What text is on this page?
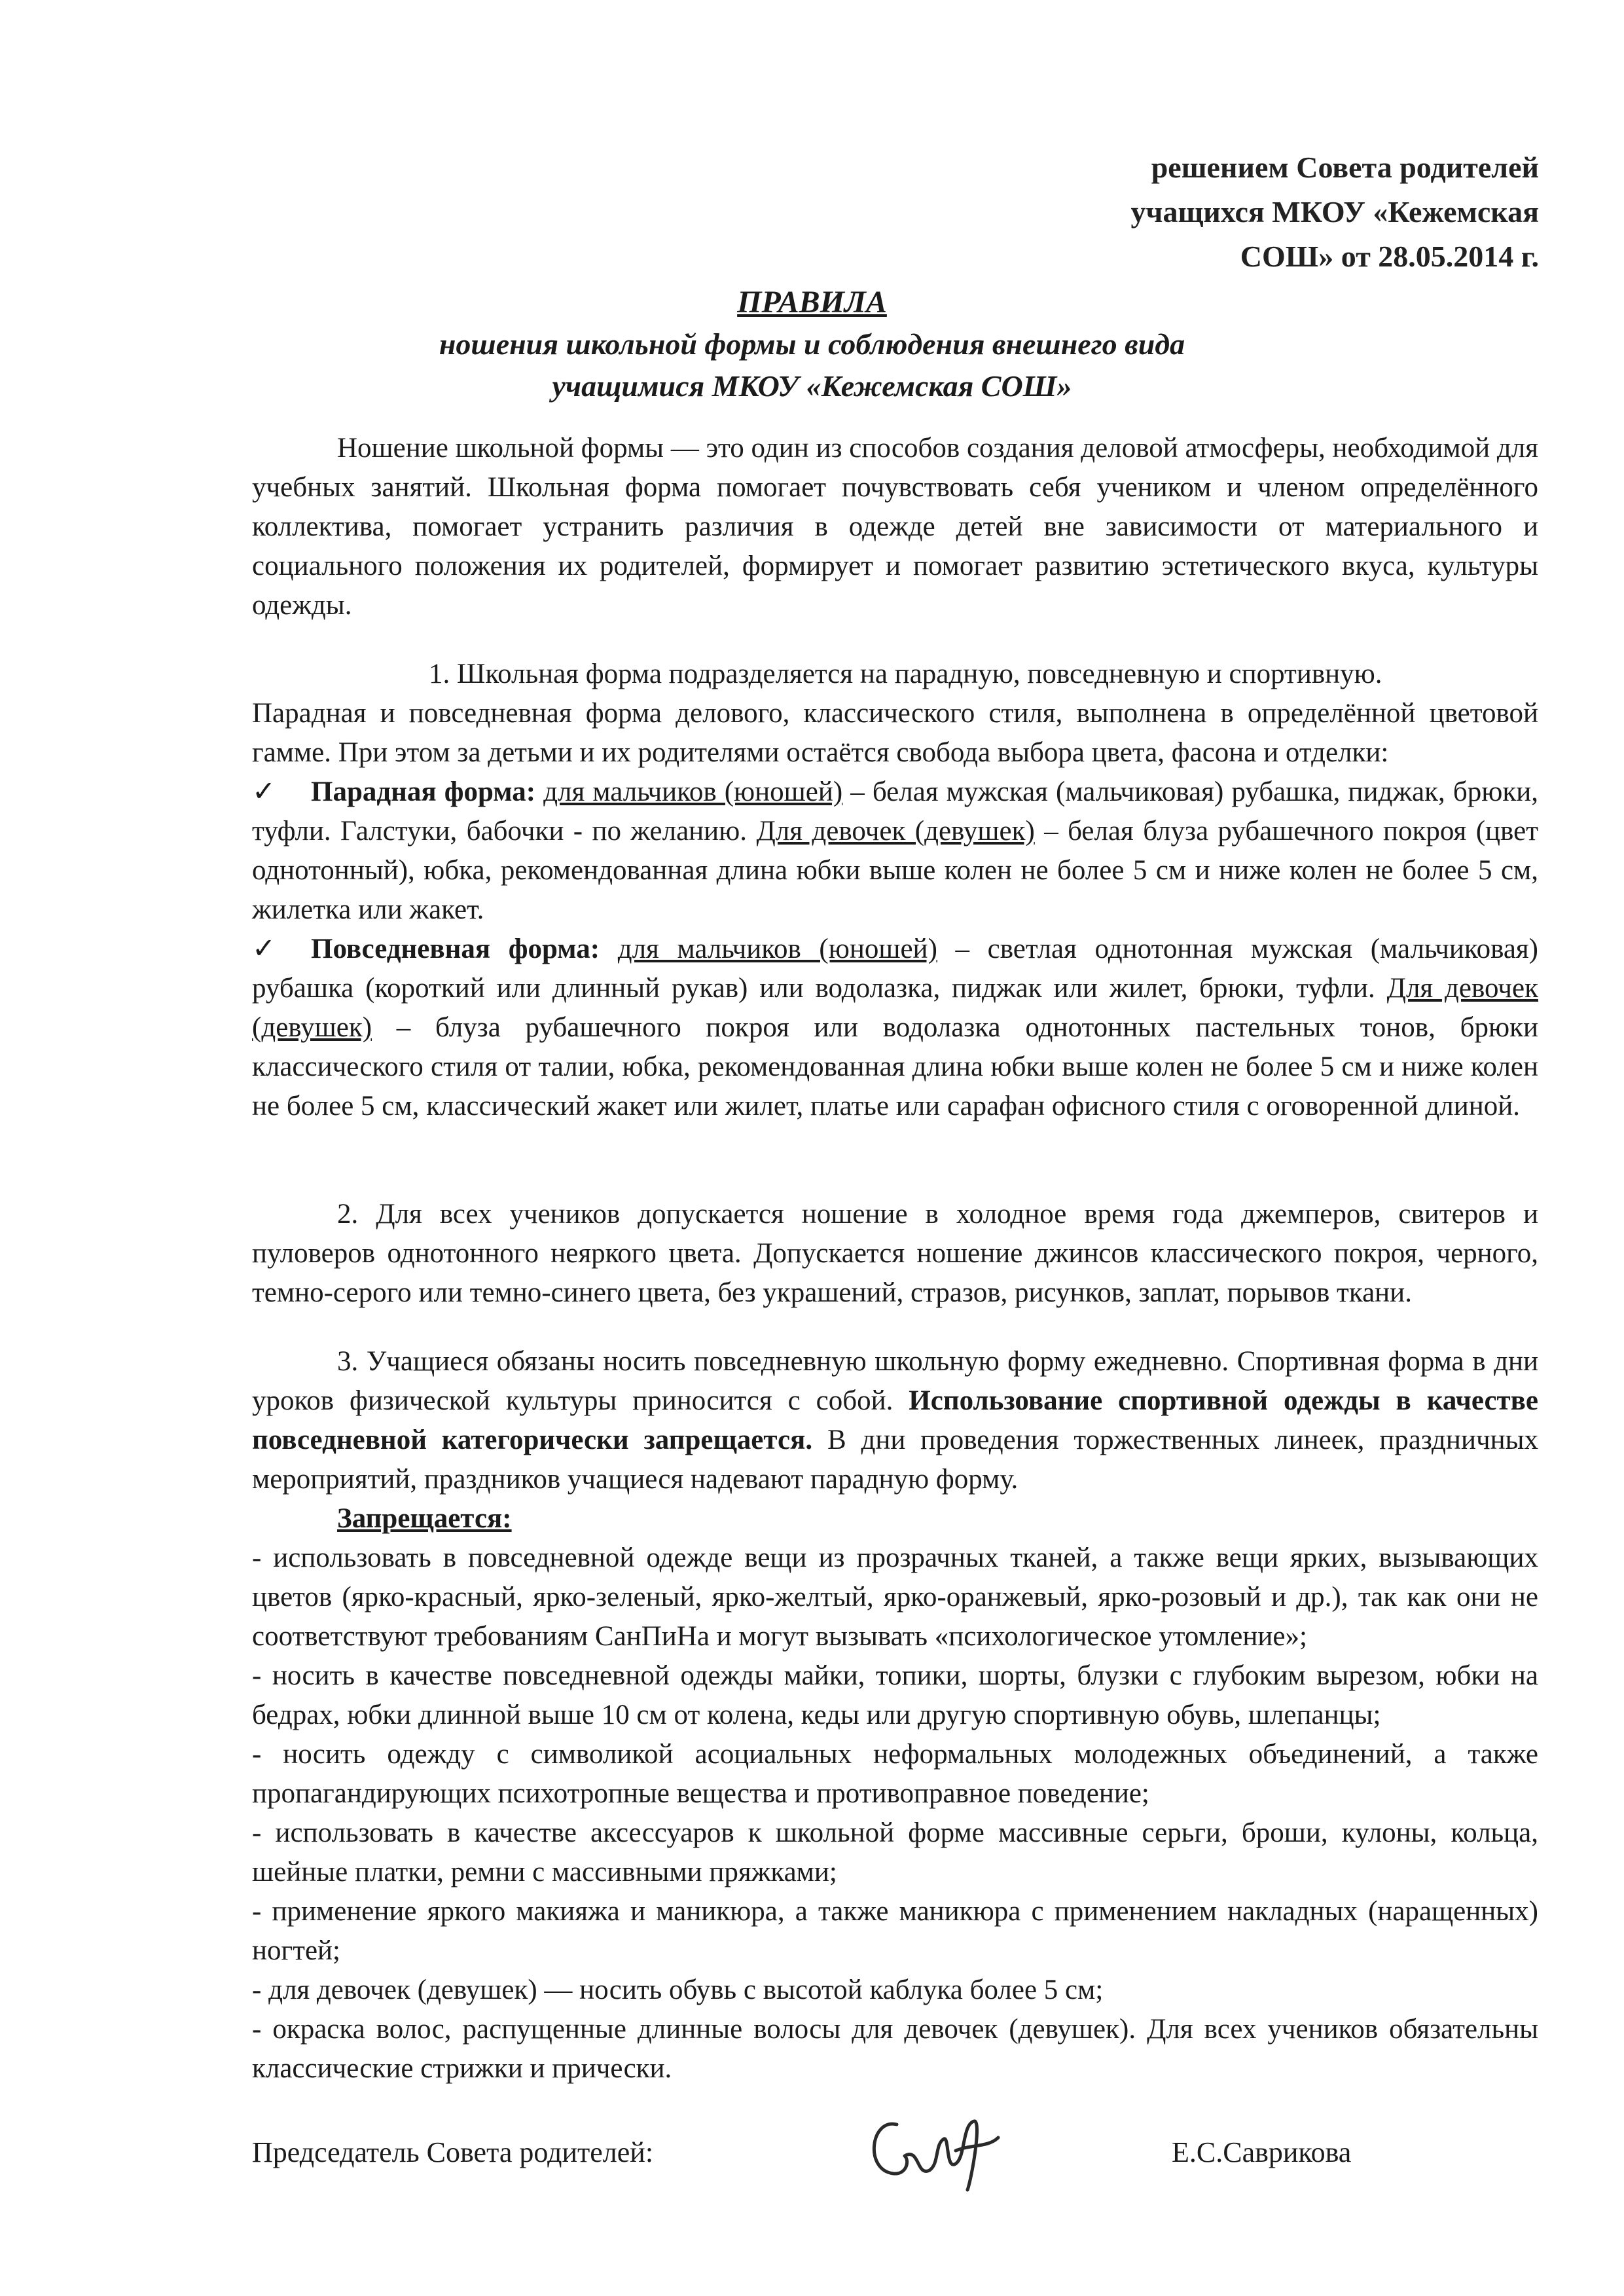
решением Совета родителей
учащихся МКОУ «Кежемская
СОШ» от 28.05.2014 г.
ПРАВИЛА
ношения школьной формы и соблюдения внешнего вида
учащимися МКОУ «Кежемская СОШ»

Ношение школьной формы — это один из способов создания деловой атмосферы, необходимой для учебных занятий. Школьная форма помогает почувствовать себя учеником и членом определённого коллектива, помогает устранить различия в одежде детей вне зависимости от материального и социального положения их родителей, формирует и помогает развитию эстетического вкуса, культуры одежды.

1. Школьная форма подразделяется на парадную, повседневную и спортивную.

Парадная и повседневная форма делового, классического стиля, выполнена в определённой цветовой гамме. При этом за детьми и их родителями остаётся свобода выбора цвета, фасона и отделки:

✓ Парадная форма: для мальчиков (юношей) – белая мужская (мальчиковая) рубашка, пиджак, брюки, туфли. Галстуки, бабочки - по желанию. Для девочек (девушек) – белая блуза рубашечного покроя (цвет однотонный), юбка, рекомендованная длина юбки выше колен не более 5 см и ниже колен не более 5 см, жилетка или жакет.

✓ Повседневная форма: для мальчиков (юношей) – светлая однотонная мужская (мальчиковая) рубашка (короткий или длинный рукав) или водолазка, пиджак или жилет, брюки, туфли. Для девочек (девушек) – блуза рубашечного покроя или водолазка однотонных пастельных тонов, брюки классического стиля от талии, юбка, рекомендованная длина юбки выше колен не более 5 см и ниже колен не более 5 см, классический жакет или жилет, платье или сарафан офисного стиля с оговоренной длиной.

2. Для всех учеников допускается ношение в холодное время года джемперов, свитеров и пуловеров однотонного неяркого цвета. Допускается ношение джинсов классического покроя, черного, темно-серого или темно-синего цвета, без украшений, стразов, рисунков, заплат, порывов ткани.

3. Учащиеся обязаны носить повседневную школьную форму ежедневно. Спортивная форма в дни уроков физической культуры приносится с собой. Использование спортивной одежды в качестве повседневной категорически запрещается. В дни проведения торжественных линеек, праздничных мероприятий, праздников учащиеся надевают парадную форму.

Запрещается:

- использовать в повседневной одежде вещи из прозрачных тканей, а также вещи ярких, вызывающих цветов (ярко-красный, ярко-зеленый, ярко-желтый, ярко-оранжевый, ярко-розовый и др.), так как они не соответствуют требованиям СанПиНа и могут вызывать «психологическое утомление»;

- носить в качестве повседневной одежды майки, топики, шорты, блузки с глубоким вырезом, юбки на бедрах, юбки длинной выше 10 см от колена, кеды или другую спортивную обувь, шлепанцы;

- носить одежду с символикой асоциальных неформальных молодежных объединений, а также пропагандирующих психотропные вещества и противоправное поведение;

- использовать в качестве аксессуаров к школьной форме массивные серьги, броши, кулоны, кольца, шейные платки, ремни с массивными пряжками;

- применение яркого макияжа и маникюра, а также маникюра с применением накладных (наращенных) ногтей;

- для девочек (девушек) — носить обувь с высотой каблука более 5 см;

- окраска волос, распущенные длинные волосы для девочек (девушек). Для всех учеников обязательны классические стрижки и прически.

Председатель Совета родителей:	Е.С.Саврикова
